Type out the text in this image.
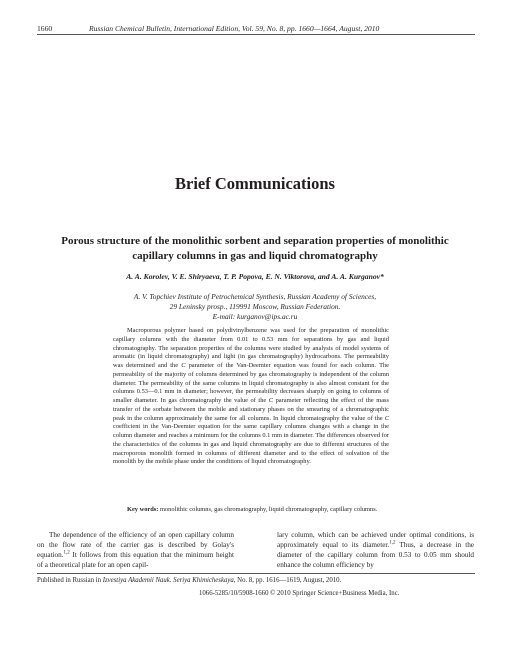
1660	Russian Chemical Bulletin, International Edition, Vol. 59, No. 8, pp. 1660—1664, August, 2010
Brief Communications
Porous structure of the monolithic sorbent and separation properties of monolithic capillary columns in gas and liquid chromatography
A. A. Korolev, V. E. Shiryaeva, T. P. Popova, E. N. Viktorova, and A. A. Kurganov*
A. V. Topchiev Institute of Petrochemical Synthesis, Russian Academy of Sciences,
29 Leninsky prosp., 119991 Moscow, Russian Federation.
E-mail: kurganov@ips.ac.ru
Macroporous polymer based on polydivinylbenzene was used for the preparation of monolithic capillary columns with the diameter from 0.01 to 0.53 mm for separations by gas and liquid chromatography. The separation properties of the columns were studied by analysis of model systems of aromatic (in liquid chromatography) and light (in gas chromatography) hydrocarbons. The permeability was determined and the C parameter of the Van-Deemter equation was found for each column. The permeability of the majority of columns determined by gas chromatography is independent of the column diameter. The permeability of the same columns in liquid chromatography is also almost constant for the columns 0.53—0.1 mm in diameter; however, the permeability decreases sharply on going to columns of smaller diameter. In gas chromatography the value of the C parameter reflecting the effect of the mass transfer of the sorbate between the mobile and stationary phases on the smearing of a chromatographic peak in the column approximately the same for all columns. In liquid chromatography the value of the C coefficient in the Van-Deemter equation for the same capillary columns changes with a change in the column diameter and reaches a minimum for the columns 0.1 mm in diameter. The differences observed for the characteristics of the columns in gas and liquid chromatography are due to different structures of the macroporous monolith formed in columns of different diameter and to the effect of solvation of the monolith by the mobile phase under the conditions of liquid chromatography.
Key words: monolithic columns, gas chromatography, liquid chromatography, capillary columns.
The dependence of the efficiency of an open capillary column on the flow rate of the carrier gas is described by Golay's equation.$^{1,2}$ It follows from this equation that the minimum height of a theoretical plate for an open capil-
lary column, which can be achieved under optimal conditions, is approximately equal to its diameter.$^{1,2}$ Thus, a decrease in the diameter of the capillary column from 0.53 to 0.05 mm should enhance the column efficiency by
Published in Russian in Izvestiya Akademii Nauk. Seriya Khimicheskaya, No. 8, pp. 1616—1619, August, 2010.
1066-5285/10/5908-1660 © 2010 Springer Science+Business Media, Inc.
